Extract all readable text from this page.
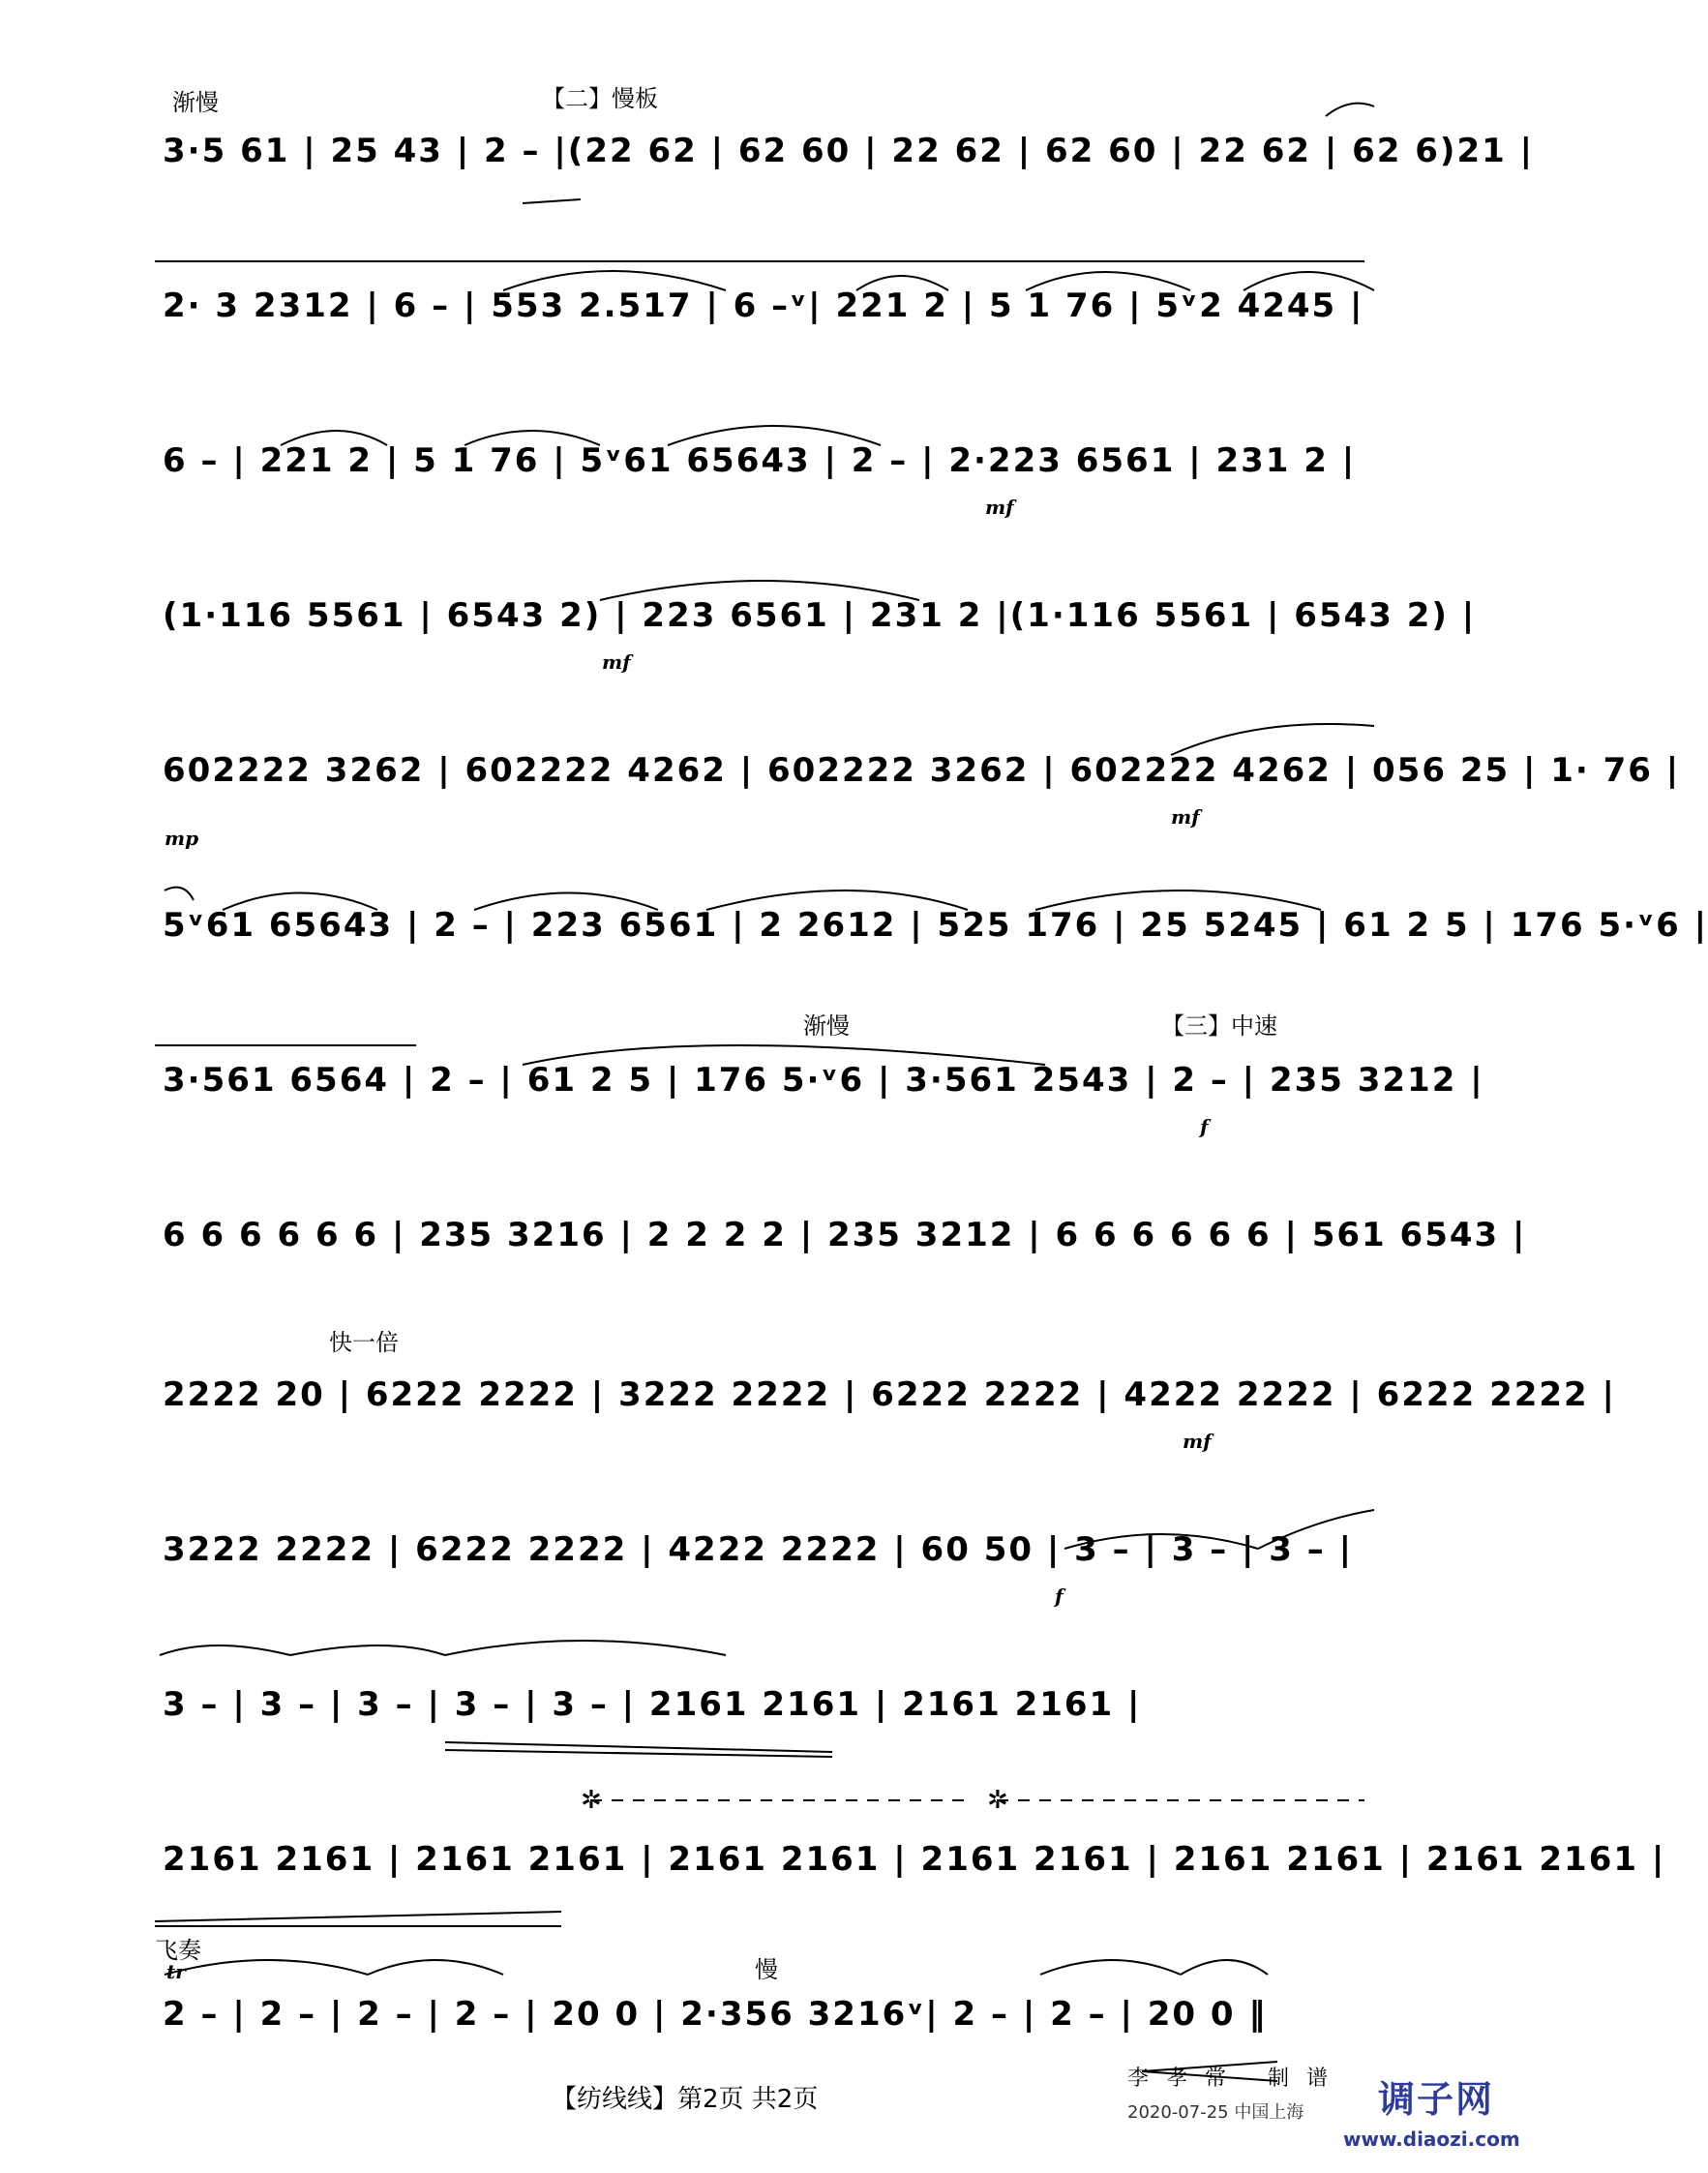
渐慢	【二】慢板
3·5 61 | 25 43 | 2 – |(22 62 | 62 60 | 22 62 | 62 60 | 22 62 | 62 6)21 |
2· 3 2312 | 6 – | 553 2.517 | 6 –ᵛ| 221 2 | 5 1 76 | 5ᵛ2 4245 |
6 – | 221 2 | 5 1 76 | 5ᵛ61 65643 | 2 – | 2·223 6561 | 231 2 |
mf
(1·116 5561 | 6543 2) | 223 6561 | 231 2 |(1·116 5561 | 6543 2) |
mf
602222 3262 | 602222 4262 | 602222 3262 | 602222 4262 | 056 25 | 1· 76 |
mp
mf
5ᵛ61 65643 | 2 – | 223 6561 | 2 2612 | 525 176 | 25 5245 | 61 2 5 | 176 5·ᵛ6 |
渐慢	【三】中速
3·561 6564 | 2 – | 61 2 5 | 176 5·ᵛ6 | 3·561 2543 | 2 – | 235 3212 |
f
6 6 6 6 6 6 | 235 3216 | 2 2 2 2 | 235 3212 | 6 6 6 6 6 6 | 561 6543 |
快一倍
2222 20 | 6222 2222 | 3222 2222 | 6222 2222 | 4222 2222 | 6222 2222 |
mf
3222 2222 | 6222 2222 | 4222 2222 | 60 50 | 3 – | 3 – | 3 – |
f
3 – | 3 – | 3 – | 3 – | 3 – | 2161 2161 | 2161 2161 |
2161 2161 | 2161 2161 | 2161 2161 | 2161 2161 | 2161 2161 | 2161 2161 |
飞奏
tr	慢
2 – | 2 – | 2 – | 2 – | 20 0 | 2·356 3216ᵛ| 2 – | 2 – | 20 0 ‖
✲	✲
【纺线线】第2页 共2页
李孝常 制谱
2020-07-25 中国上海 调子网
www.diaozi.com
